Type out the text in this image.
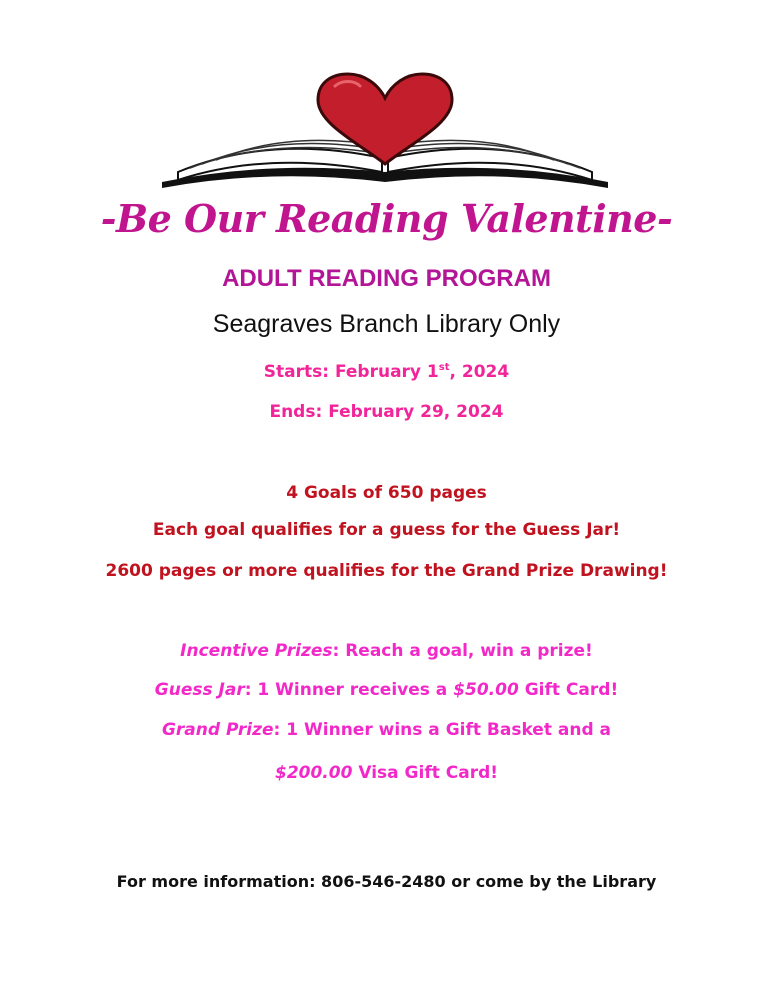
-Be Our Reading Valentine-
ADULT READING PROGRAM
Seagraves Branch Library Only
Starts: February 1st, 2024
Ends: February 29, 2024
4 Goals of 650 pages
Each goal qualifies for a guess for the Guess Jar!
2600 pages or more qualifies for the Grand Prize Drawing!
Incentive Prizes: Reach a goal, win a prize!
Guess Jar: 1 Winner receives a $50.00 Gift Card!
Grand Prize: 1 Winner wins a Gift Basket and a
$200.00 Visa Gift Card!
For more information: 806-546-2480 or come by the Library
